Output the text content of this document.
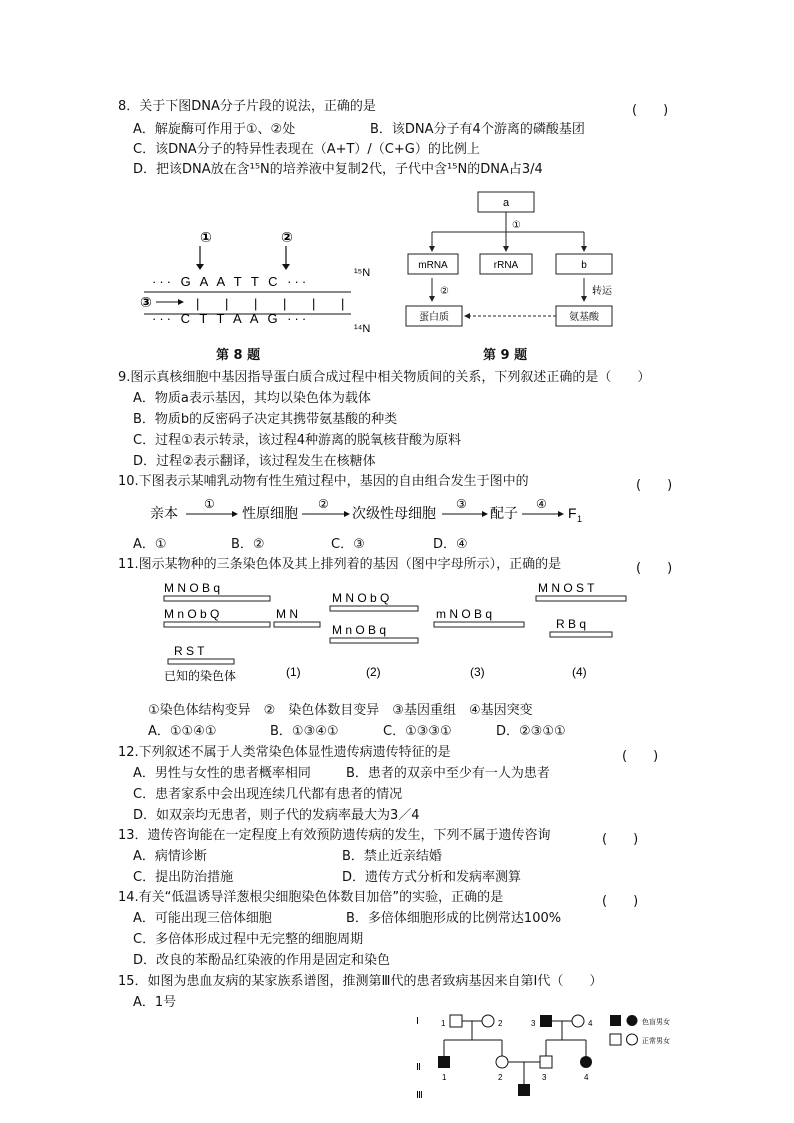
8．关于下图DNA分子片段的说法，正确的是	(　　)
A．解旋酶可作用于①、②处	B．该DNA分子有4个游离的磷酸基团
C．该DNA分子的特异性表现在（A+T）/（C+G）的比例上
D．把该DNA放在含¹⁵N的培养液中复制2代，子代中含¹⁵N的DNA占3/4
①	②
··· G A A T T C ···
¹⁵N
③	| | | | | |
··· C T T A A G ···
¹⁴N
第 8 题
a
①
mRNA	rRNA	b
②	转运
蛋白质	氨基酸
第 9 题
9.图示真核细胞中基因指导蛋白质合成过程中相关物质间的关系，下列叙述正确的是（　　）
A．物质a表示基因，其均以染色体为载体
B．物质b的反密码子决定其携带氨基酸的种类
C．过程①表示转录，该过程4种游离的脱氧核苷酸为原料
D．过程②表示翻译，该过程发生在核糖体
10.下图表示某哺乳动物有性生殖过程中，基因的自由组合发生于图中的	(　　)
亲本
①
性原细胞
②
次级性母细胞
③
配子
④
F 1
A．①	B．②	C．③	D．④
11.图示某物种的三条染色体及其上排列着的基因（图中字母所示），正确的是	(　　)
M N O B q
M n O b Q
R S T
已知的染色体
M N
(1)
M N O b Q
M n O B q
(2)
m N O B q
(3)
M N O S T
R B q
(4)
①染色体结构变异　②　染色体数目变异　③基因重组　④基因突变
A．①①④①	B．①③④①	C．①③③①	D．②③①①
12.下列叙述不属于人类常染色体显性遗传病遗传特征的是	(　　)
A．男性与女性的患者概率相同	B．患者的双亲中至少有一人为患者
C．患者家系中会出现连续几代都有患者的情况
D．如双亲均无患者，则子代的发病率最大为3／4
13．遗传咨询能在一定程度上有效预防遗传病的发生，下列不属于遗传咨询	(　　)
A．病情诊断	B．禁止近亲结婚
C．提出防治措施	D．遗传方式分析和发病率测算
14.有关“低温诱导洋葱根尖细胞染色体数目加倍”的实验，正确的是	(　　)
A．可能出现三倍体细胞	B．多倍体细胞形成的比例常达100%
C．多倍体形成过程中无完整的细胞周期
D．改良的苯酚品红染液的作用是固定和染色
15．如图为患血友病的某家族系谱图，推测第Ⅲ代的患者致病基因来自第Ⅰ代（　　）
A．1号
Ⅰ
Ⅱ
Ⅲ
1	2	3	4
1	2	3	4
色盲男女
正常男女
